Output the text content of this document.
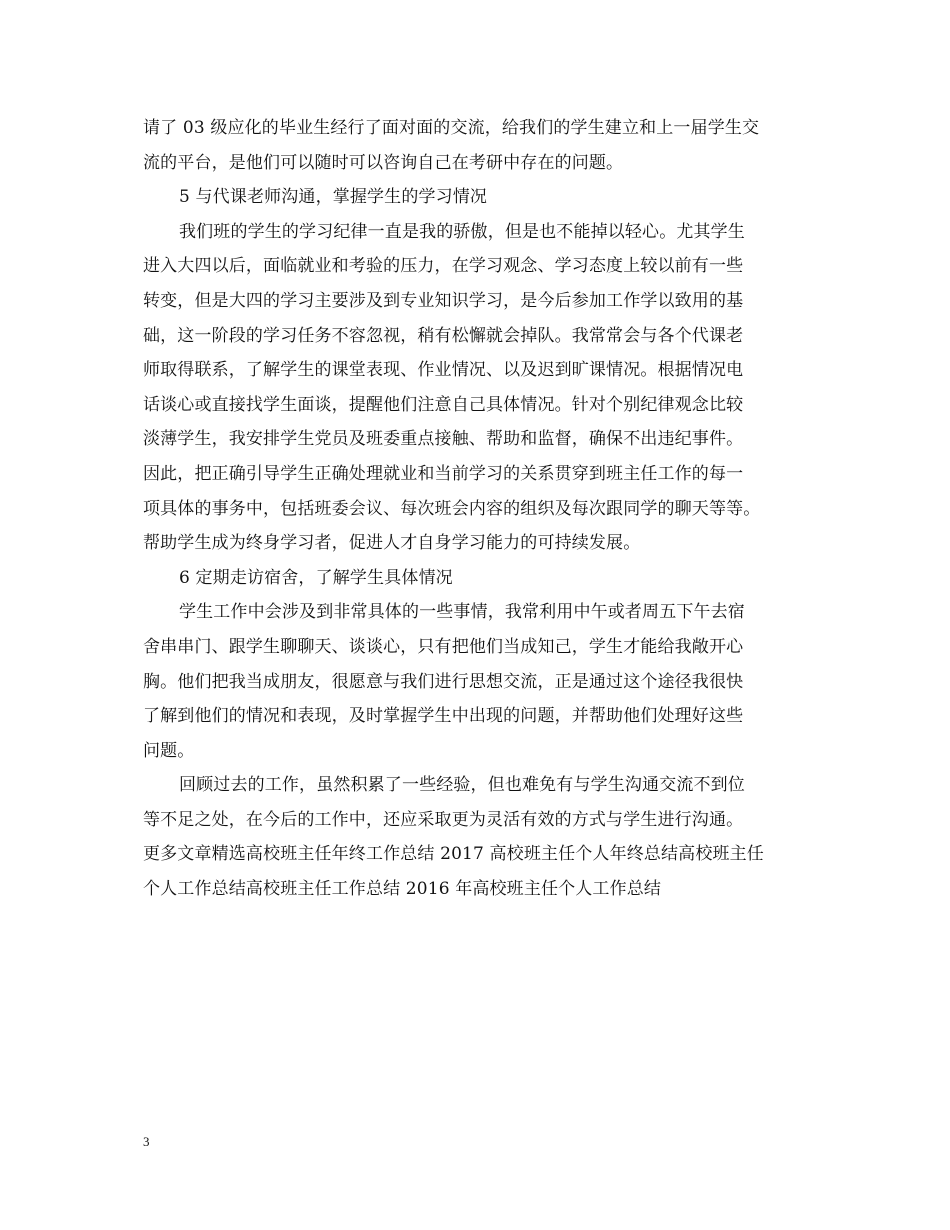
请了 03 级应化的毕业生经行了面对面的交流，给我们的学生建立和上一届学生交
流的平台，是他们可以随时可以咨询自己在考研中存在的问题。
5 与代课老师沟通，掌握学生的学习情况
我们班的学生的学习纪律一直是我的骄傲，但是也不能掉以轻心。尤其学生
进入大四以后，面临就业和考验的压力，在学习观念、学习态度上较以前有一些
转变，但是大四的学习主要涉及到专业知识学习，是今后参加工作学以致用的基
础，这一阶段的学习任务不容忽视，稍有松懈就会掉队。我常常会与各个代课老
师取得联系，了解学生的课堂表现、作业情况、以及迟到旷课情况。根据情况电
话谈心或直接找学生面谈，提醒他们注意自己具体情况。针对个别纪律观念比较
淡薄学生，我安排学生党员及班委重点接触、帮助和监督，确保不出违纪事件。
因此，把正确引导学生正确处理就业和当前学习的关系贯穿到班主任工作的每一
项具体的事务中，包括班委会议、每次班会内容的组织及每次跟同学的聊天等等。
帮助学生成为终身学习者，促进人才自身学习能力的可持续发展。
6 定期走访宿舍，了解学生具体情况
学生工作中会涉及到非常具体的一些事情，我常利用中午或者周五下午去宿
舍串串门、跟学生聊聊天、谈谈心，只有把他们当成知己，学生才能给我敞开心
胸。他们把我当成朋友，很愿意与我们进行思想交流，正是通过这个途径我很快
了解到他们的情况和表现，及时掌握学生中出现的问题，并帮助他们处理好这些
问题。
回顾过去的工作，虽然积累了一些经验，但也难免有与学生沟通交流不到位
等不足之处，在今后的工作中，还应采取更为灵活有效的方式与学生进行沟通。
更多文章精选高校班主任年终工作总结 2017 高校班主任个人年终总结高校班主任
个人工作总结高校班主任工作总结 2016 年高校班主任个人工作总结
3
